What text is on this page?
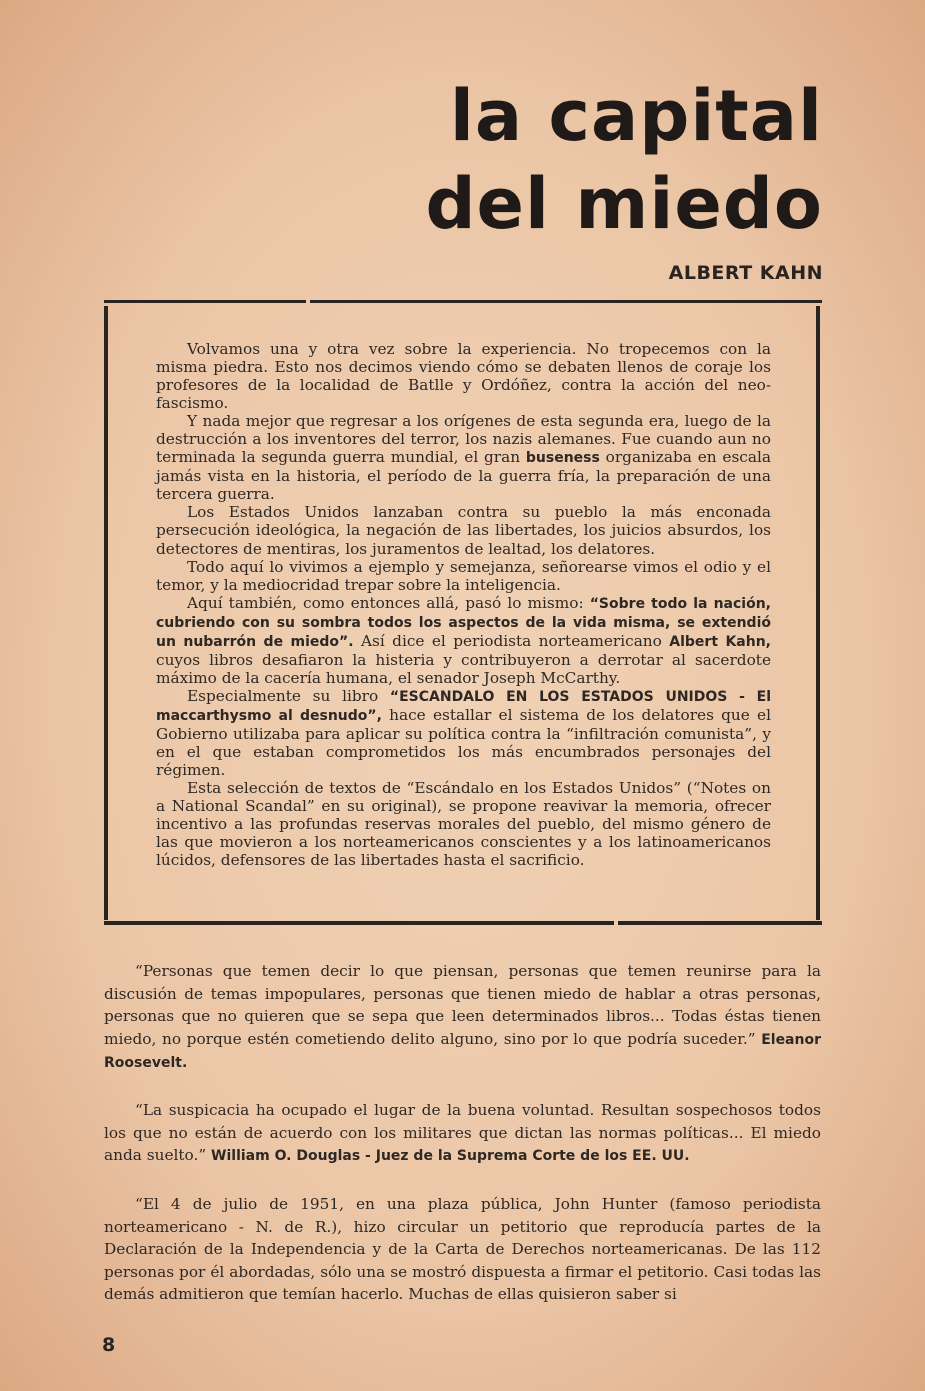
la capital
del miedo
ALBERT KAHN

Volvamos una y otra vez sobre la experiencia. No tropecemos con la misma piedra. Esto nos decimos viendo cómo se debaten llenos de coraje los profesores de la localidad de Batlle y Ordóñez, contra la acción del neo-fascismo.

Y nada mejor que regresar a los orígenes de esta segunda era, luego de la destrucción a los inventores del terror, los nazis alemanes. Fue cuando aun no terminada la segunda guerra mundial, el gran buseness organizaba en escala jamás vista en la historia, el período de la guerra fría, la preparación de una tercera guerra.

Los Estados Unidos lanzaban contra su pueblo la más enconada persecución ideológica, la negación de las libertades, los juicios absurdos, los detectores de mentiras, los juramentos de lealtad, los delatores.

Todo aquí lo vivimos a ejemplo y semejanza, señorearse vimos el odio y el temor, y la mediocridad trepar sobre la inteligencia.

Aquí también, como entonces allá, pasó lo mismo: “Sobre todo la nación, cubriendo con su sombra todos los aspectos de la vida misma, se extendió un nubarrón de miedo”. Así dice el periodista norteamericano Albert Kahn, cuyos libros desafiaron la histeria y contribuyeron a derrotar al sacerdote máximo de la cacería humana, el senador Joseph McCarthy.

Especialmente su libro “ESCANDALO EN LOS ESTADOS UNIDOS - El maccarthysmo al desnudo”, hace estallar el sistema de los delatores que el Gobierno utilizaba para aplicar su política contra la “infiltración comunista”, y en el que estaban comprometidos los más encumbrados personajes del régimen.

Esta selección de textos de “Escándalo en los Estados Unidos” (“Notes on a National Scandal” en su original), se propone reavivar la memoria, ofrecer incentivo a las profundas reservas morales del pueblo, del mismo género de las que movieron a los norteamericanos conscientes y a los latinoamericanos lúcidos, defensores de las libertades hasta el sacrificio.

“Personas que temen decir lo que piensan, personas que temen reunirse para la discusión de temas impopulares, personas que tienen miedo de hablar a otras personas, personas que no quieren que se sepa que leen determinados libros... Todas éstas tienen miedo, no porque estén cometiendo delito alguno, sino por lo que podría suceder.” Eleanor Roosevelt.

“La suspicacia ha ocupado el lugar de la buena voluntad. Resultan sospechosos todos los que no están de acuerdo con los militares que dictan las normas políticas... El miedo anda suelto.” William O. Douglas - Juez de la Suprema Corte de los EE. UU.

“El 4 de julio de 1951, en una plaza pública, John Hunter (famoso periodista norteamericano - N. de R.), hizo circular un petitorio que reproducía partes de la Declaración de la Independencia y de la Carta de Derechos norteamericanas. De las 112 personas por él abordadas, sólo una se mostró dispuesta a firmar el petitorio. Casi todas las demás admitieron que temían hacerlo. Muchas de ellas quisieron saber si

8
